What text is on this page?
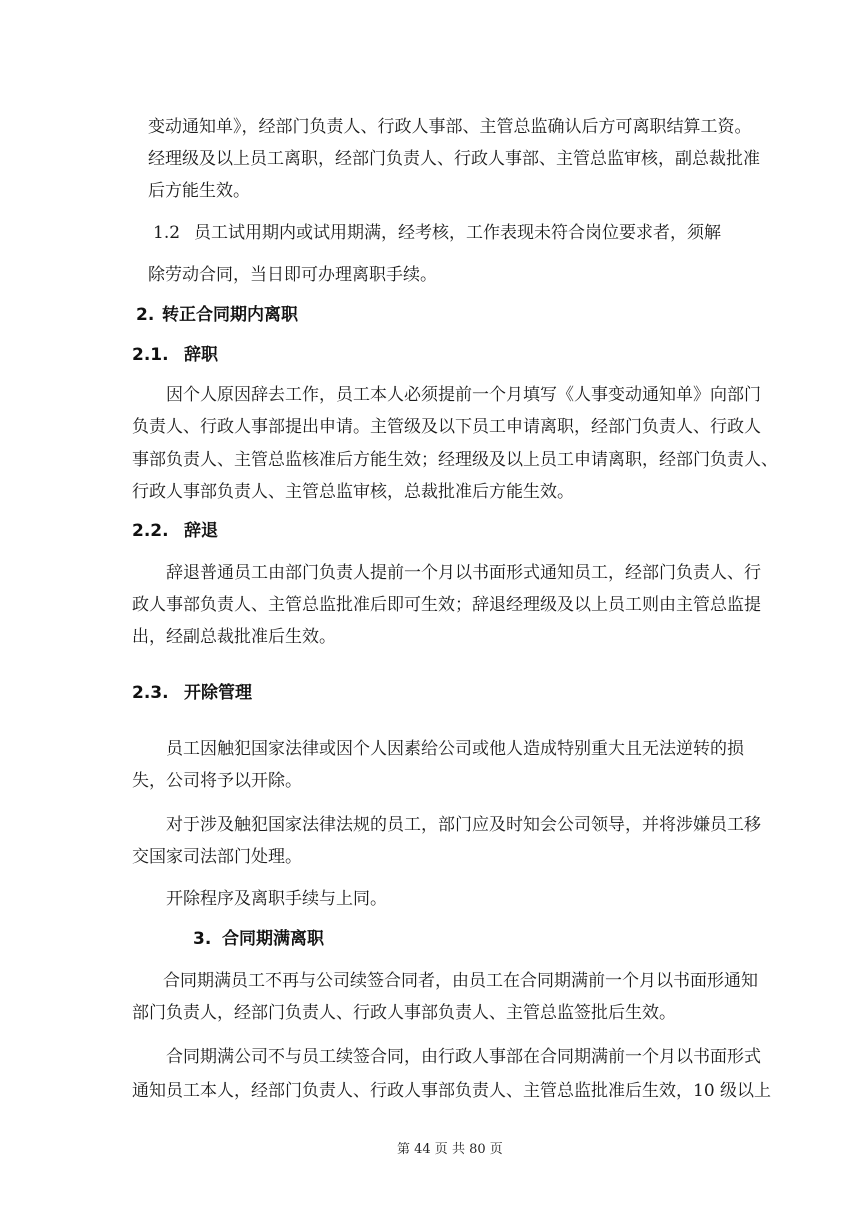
变动通知单》，经部门负责人、行政人事部、主管总监确认后方可离职结算工资。
经理级及以上员工离职，经部门负责人、行政人事部、主管总监审核，副总裁批准
后方能生效。
1.2 员工试用期内或试用期满，经考核，工作表现未符合岗位要求者，须解
除劳动合同，当日即可办理离职手续。
2. 转正合同期内离职
2.1. 辞职
因个人原因辞去工作，员工本人必须提前一个月填写《人事变动通知单》向部门
负责人、行政人事部提出申请。主管级及以下员工申请离职，经部门负责人、行政人
事部负责人、主管总监核准后方能生效；经理级及以上员工申请离职，经部门负责人、
行政人事部负责人、主管总监审核，总裁批准后方能生效。
2.2. 辞退
辞退普通员工由部门负责人提前一个月以书面形式通知员工，经部门负责人、行
政人事部负责人、主管总监批准后即可生效；辞退经理级及以上员工则由主管总监提
出，经副总裁批准后生效。
2.3. 开除管理
员工因触犯国家法律或因个人因素给公司或他人造成特别重大且无法逆转的损
失，公司将予以开除。
对于涉及触犯国家法律法规的员工，部门应及时知会公司领导，并将涉嫌员工移
交国家司法部门处理。
开除程序及离职手续与上同。
3. 合同期满离职
合同期满员工不再与公司续签合同者，由员工在合同期满前一个月以书面形通知
部门负责人，经部门负责人、行政人事部负责人、主管总监签批后生效。
合同期满公司不与员工续签合同，由行政人事部在合同期满前一个月以书面形式
通知员工本人，经部门负责人、行政人事部负责人、主管总监批准后生效，10 级以上
第 44 页 共 80 页
